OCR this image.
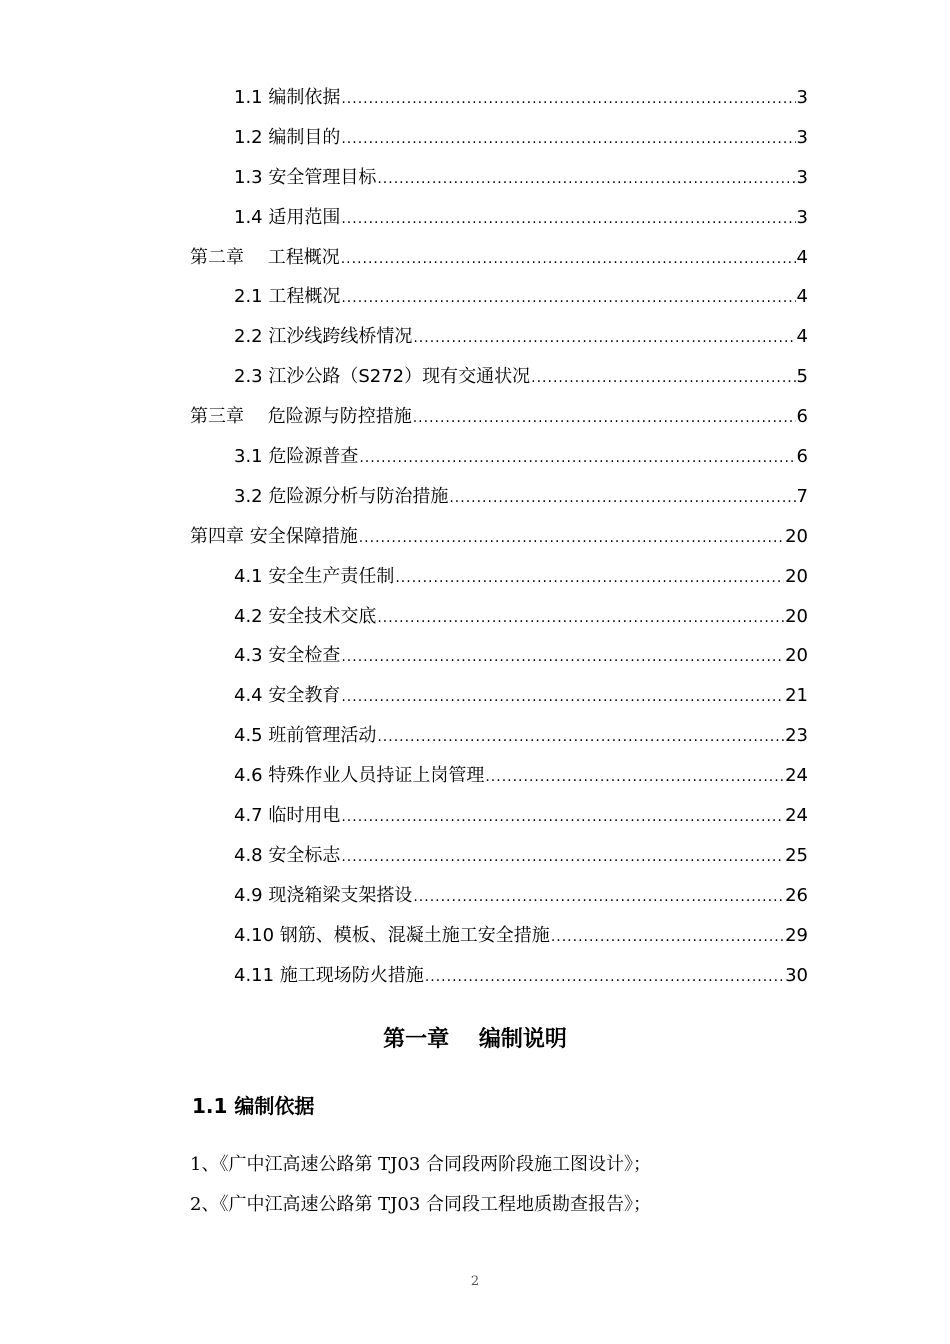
1.1 编制依据 .....	3
1.2 编制目的 .....	3
1.3 安全管理目标 .....	3
1.4 适用范围 .....	3
第二章　 工程概况 .....	4
2.1 工程概况 .....	4
2.2 江沙线跨线桥情况 .....	4
2.3 江沙公路（S272）现有交通状况 .....	5
第三章　 危险源与防控措施 .....	6
3.1 危险源普查 .....	6
3.2 危险源分析与防治措施 .....	7
第四章 安全保障措施 .....	20
4.1 安全生产责任制 .....	20
4.2 安全技术交底 .....	20
4.3 安全检查 .....	20
4.4 安全教育 .....	21
4.5 班前管理活动 .....	23
4.6 特殊作业人员持证上岗管理 .....	24
4.7 临时用电 .....	24
4.8 安全标志 .....	25
4.9 现浇箱梁支架搭设 .....	26
4.10 钢筋、模板、混凝土施工安全措施 .....	29
4.11 施工现场防火措施 .....	30
第一章　 编制说明
1.1 编制依据
1、《广中江高速公路第 TJ03 合同段两阶段施工图设计》；
2、《广中江高速公路第 TJ03 合同段工程地质勘查报告》；
2
